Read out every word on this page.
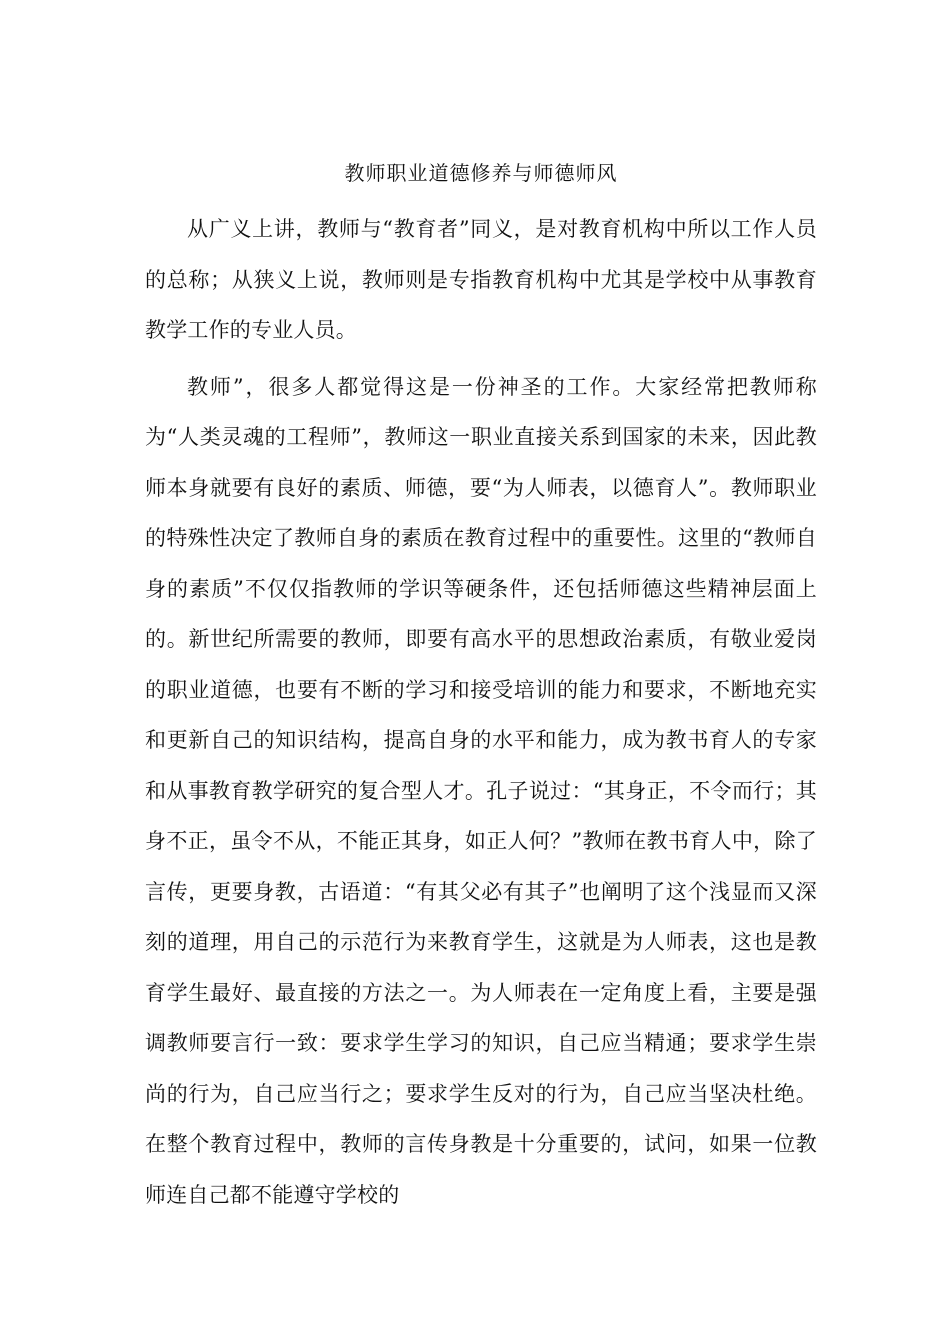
教师职业道德修养与师德师风

从广义上讲，教师与“教育者”同义，是对教育机构中所以工作人员的总称；从狭义上说，教师则是专指教育机构中尤其是学校中从事教育教学工作的专业人员。

教师”，很多人都觉得这是一份神圣的工作。大家经常把教师称为“人类灵魂的工程师”，教师这一职业直接关系到国家的未来，因此教师本身就要有良好的素质、师德，要“为人师表，以德育人”。教师职业的特殊性决定了教师自身的素质在教育过程中的重要性。这里的“教师自身的素质”不仅仅指教师的学识等硬条件，还包括师德这些精神层面上的。新世纪所需要的教师，即要有高水平的思想政治素质，有敬业爱岗的职业道德，也要有不断的学习和接受培训的能力和要求，不断地充实和更新自己的知识结构，提高自身的水平和能力，成为教书育人的专家和从事教育教学研究的复合型人才。孔子说过：“其身正，不令而行；其身不正，虽令不从，不能正其身，如正人何？”教师在教书育人中，除了言传，更要身教，古语道：“有其父必有其子”也阐明了这个浅显而又深刻的道理，用自己的示范行为来教育学生，这就是为人师表，这也是教育学生最好、最直接的方法之一。为人师表在一定角度上看，主要是强调教师要言行一致：要求学生学习的知识，自己应当精通；要求学生崇尚的行为，自己应当行之；要求学生反对的行为，自己应当坚决杜绝。在整个教育过程中，教师的言传身教是十分重要的，试问，如果一位教师连自己都不能遵守学校的
